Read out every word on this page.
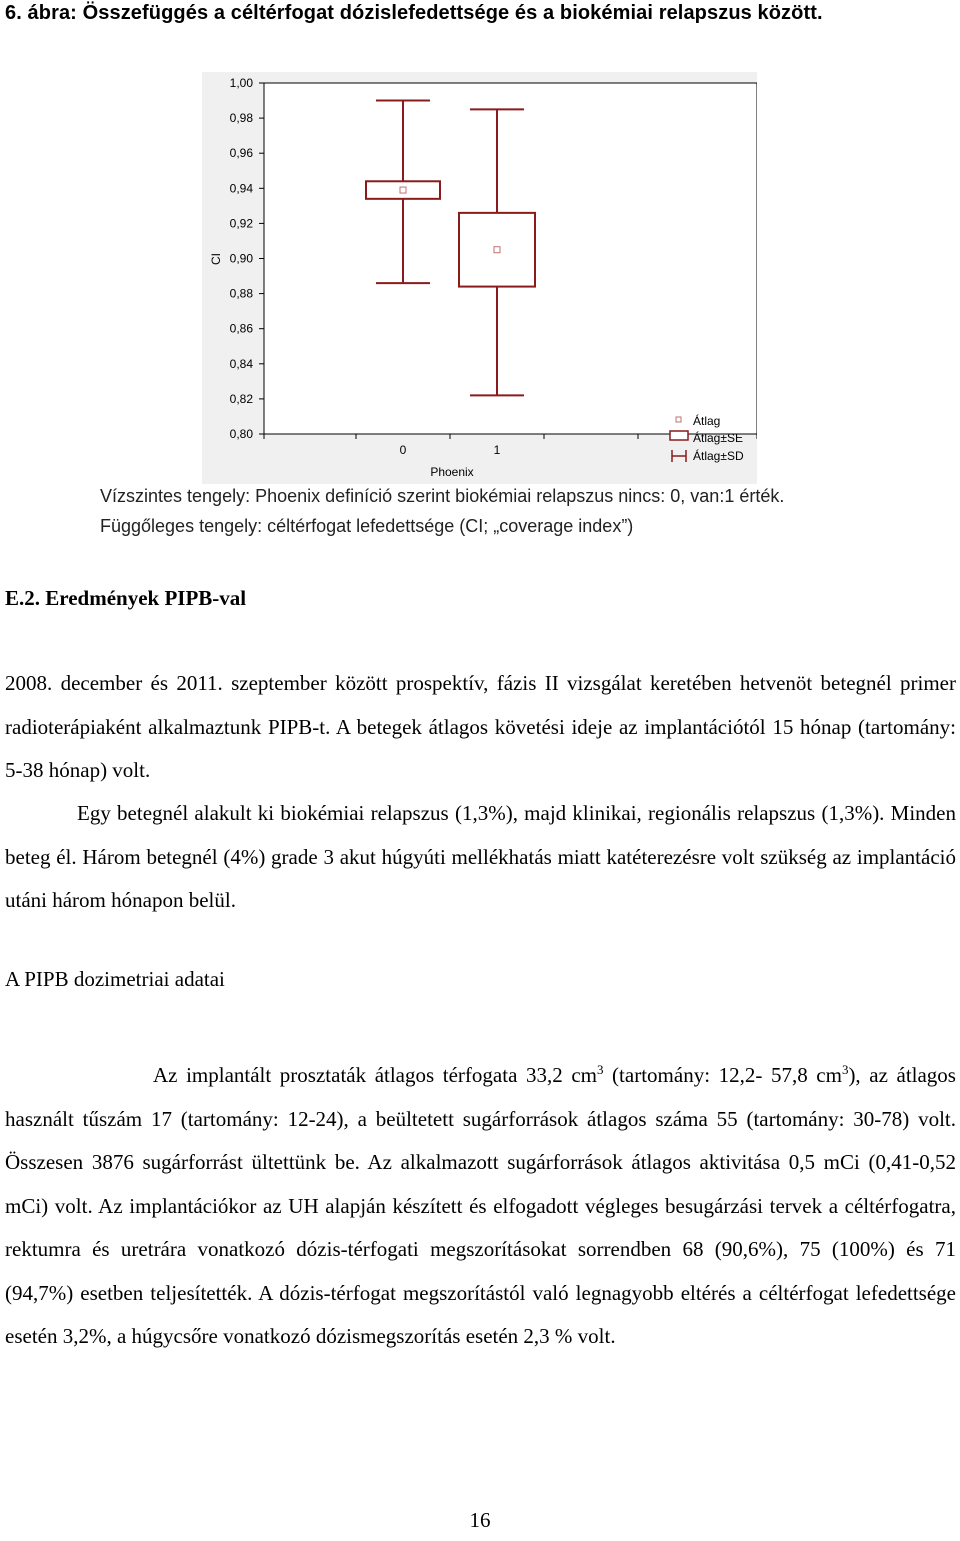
6. ábra: Összefüggés a céltérfogat dózislefedettsége és a biokémiai relapszus között.
1,00
0,98
0,96
0,94
0,92
0,90
0,88
0,86
0,84
0,82
0,80
0	1
CI
Phoenix
Átlag
Átlag±SE
Átlag±SD

Vízszintes tengely: Phoenix definíció szerint biokémiai relapszus nincs: 0, van:1 érték.

Függőleges tengely: céltérfogat lefedettsége (CI; „coverage index”)

E.2. Eredmények PIPB-val

2008. december és 2011. szeptember között prospektív, fázis II vizsgálat keretében hetvenöt betegnél primer radioterápiaként alkalmaztunk PIPB-t. A betegek átlagos követési ideje az implantációtól 15 hónap (tartomány: 5-38 hónap) volt.

Egy betegnél alakult ki biokémiai relapszus (1,3%), majd klinikai, regionális relapszus (1,3%). Minden beteg él. Három betegnél (4%) grade 3 akut húgyúti mellékhatás miatt katéterezésre volt szükség az implantáció utáni három hónapon belül.

A PIPB dozimetriai adatai

Az implantált prosztaták átlagos térfogata 33,2 $cm^3$ (tartomány: 12,2- 57,8 $cm^3$), az átlagos használt tűszám 17 (tartomány: 12-24), a beültetett sugárforrások átlagos száma 55 (tartomány: 30-78) volt. Összesen 3876 sugárforrást ültettünk be. Az alkalmazott sugárforrások átlagos aktivitása 0,5 mCi (0,41-0,52 mCi) volt. Az implantációkor az UH alapján készített és elfogadott végleges besugárzási tervek a céltérfogatra, rektumra és uretrára vonatkozó dózis-térfogati megszorításokat sorrendben 68 (90,6%), 75 (100%) és 71 (94,7%) esetben teljesítették. A dózis-térfogat megszorítástól való legnagyobb eltérés a céltérfogat lefedettsége esetén 3,2%, a húgycsőre vonatkozó dózismegszorítás esetén 2,3 % volt.

16
